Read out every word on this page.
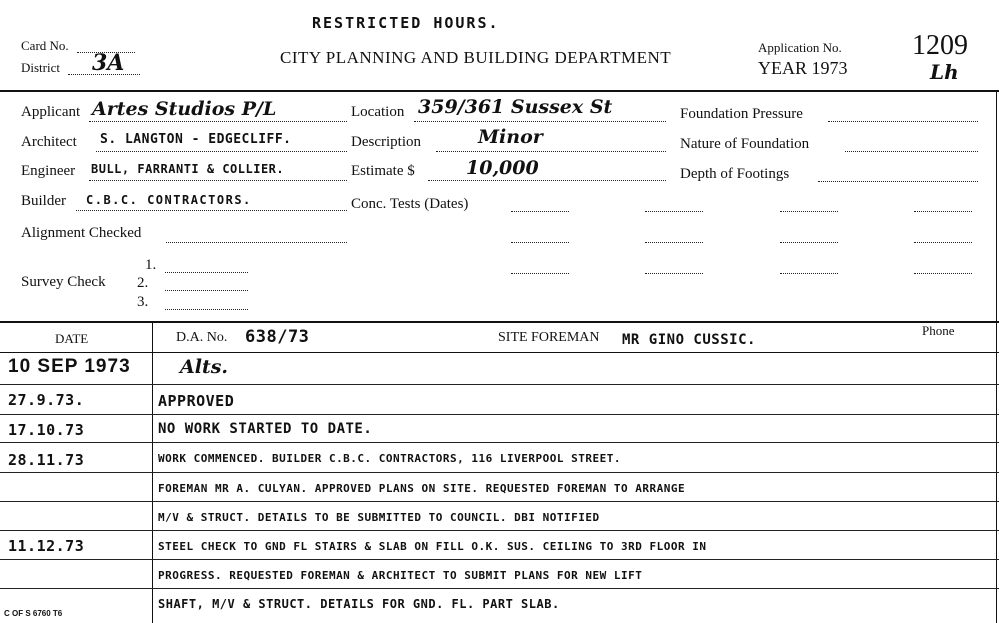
RESTRICTED HOURS.
Card No.
District 3A	CITY PLANNING AND BUILDING DEPARTMENT
Application No.
YEAR 1973
1209
Lh
Applicant Artes Studios P/L
Architect S. LANGTON - EDGECLIFF.
Engineer BULL, FARRANTI & COLLIER.
Builder C.B.C. CONTRACTORS.
Alignment Checked
Survey Check
1.
2.
3.
Location 359/361 Sussex St
Description	Minor
Estimate $	10,000
Conc. Tests (Dates)
Foundation Pressure
Nature of Foundation
Depth of Footings
DATE	D.A. No. 638/73	SITE FOREMAN MR GINO CUSSIC.
Phone
10 SEP 1973	Alts.
27.9.73.	APPROVED
17.10.73	NO WORK STARTED TO DATE.
28.11.73	WORK COMMENCED. BUILDER C.B.C. CONTRACTORS, 116 LIVERPOOL STREET.
FOREMAN MR A. CULYAN. APPROVED PLANS ON SITE. REQUESTED FOREMAN TO ARRANGE
M/V & STRUCT. DETAILS TO BE SUBMITTED TO COUNCIL. DBI NOTIFIED
11.12.73	STEEL CHECK TO GND FL STAIRS & SLAB ON FILL O.K. SUS. CEILING TO 3RD FLOOR IN
PROGRESS. REQUESTED FOREMAN & ARCHITECT TO SUBMIT PLANS FOR NEW LIFT
SHAFT, M/V & STRUCT. DETAILS FOR GND. FL. PART SLAB.
C OF S 6760 T6
